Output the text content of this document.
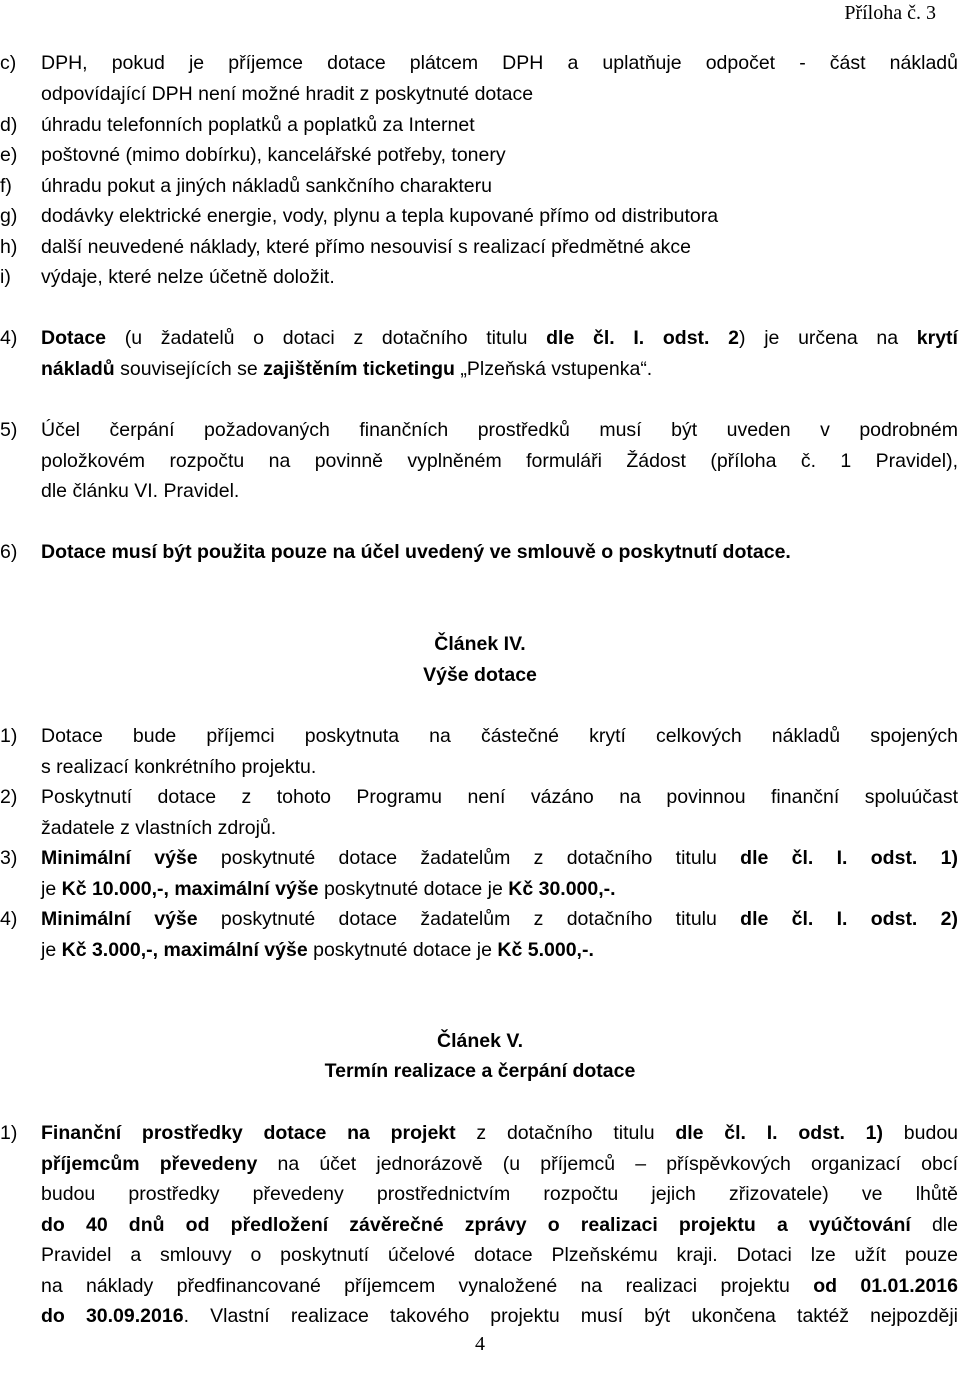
Příloha č. 3
c) DPH, pokud je příjemce dotace plátcem DPH a uplatňuje odpočet - část nákladů
odpovídající DPH není možné hradit z poskytnuté dotace
d) úhradu telefonních poplatků a poplatků za Internet
e) poštovné (mimo dobírku), kancelářské potřeby, tonery
f) úhradu pokut a jiných nákladů sankčního charakteru
g) dodávky elektrické energie, vody, plynu a tepla kupované přímo od distributora
h) další neuvedené náklady, které přímo nesouvisí s realizací předmětné akce
i) výdaje, které nelze účetně doložit.
4) Dotace (u žadatelů o dotaci z dotačního titulu dle čl. I. odst. 2) je určena na krytí
nákladů souvisejících se zajištěním ticketingu „Plzeňská vstupenka“.
5) Účel čerpání požadovaných finančních prostředků musí být uveden v podrobném
položkovém rozpočtu na povinně vyplněném formuláři Žádost (příloha č. 1 Pravidel),
dle článku VI. Pravidel.
6) Dotace musí být použita pouze na účel uvedený ve smlouvě o poskytnutí dotace.
Článek IV.
Výše dotace
1) Dotace bude příjemci poskytnuta na částečné krytí celkových nákladů spojených
s realizací konkrétního projektu.
2) Poskytnutí dotace z tohoto Programu není vázáno na povinnou finanční spoluúčast
žadatele z vlastních zdrojů.
3) Minimální výše poskytnuté dotace žadatelům z dotačního titulu dle čl. I. odst. 1)
je Kč 10.000,-, maximální výše poskytnuté dotace je Kč 30.000,-.
4) Minimální výše poskytnuté dotace žadatelům z dotačního titulu dle čl. I. odst. 2)
je Kč 3.000,-, maximální výše poskytnuté dotace je Kč 5.000,-.
Článek V.
Termín realizace a čerpání dotace
1) Finanční prostředky dotace na projekt z dotačního titulu dle čl. I. odst. 1) budou
příjemcům převedeny na účet jednorázově (u příjemců – příspěvkových organizací obcí
budou prostředky převedeny prostřednictvím rozpočtu jejich zřizovatele) ve lhůtě
do 40 dnů od předložení závěrečné zprávy o realizaci projektu a vyúčtování dle
Pravidel a smlouvy o poskytnutí účelové dotace Plzeňskému kraji. Dotaci lze užít pouze
na náklady předfinancované příjemcem vynaložené na realizaci projektu od 01.01.2016
do 30.09.2016. Vlastní realizace takového projektu musí být ukončena taktéž nejpozději
4
